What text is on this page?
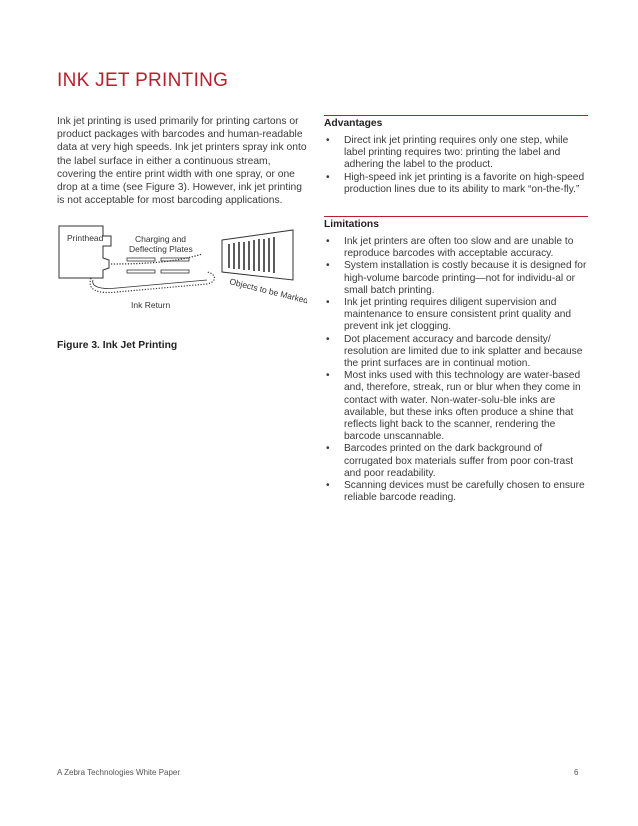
INK JET PRINTING

Ink jet printing is used primarily for printing cartons or product packages with barcodes and human-readable data at very high speeds. Ink jet printers spray ink onto the label surface in either a continuous stream, covering the entire print width with one spray, or one drop at a time (see Figure 3). However, ink jet printing is not acceptable for most barcoding applications.

Printhead	Charging and
Deflecting Plates
Ink Return	Objects to be Marked

Figure 3. Ink Jet Printing

Advantages

• Direct ink jet printing requires only one step, while label printing requires two: printing the label and adhering the label to the product.
• High-speed ink jet printing is a favorite on high-speed production lines due to its ability to mark “on-the-fly.”

Limitations

• Ink jet printers are often too slow and are unable to reproduce barcodes with acceptable accuracy.
• System installation is costly because it is designed for high-volume barcode printing—not for individu-al or small batch printing.
• Ink jet printing requires diligent supervision and maintenance to ensure consistent print quality and prevent ink jet clogging.
• Dot placement accuracy and barcode density/ resolution are limited due to ink splatter and because the print surfaces are in continual motion.
• Most inks used with this technology are water-based and, therefore, streak, run or blur when they come in contact with water. Non-water-solu-ble inks are available, but these inks often produce a shine that reflects light back to the scanner, rendering the barcode unscannable.
• Barcodes printed on the dark background of corrugated box materials suffer from poor con-trast and poor readability.
• Scanning devices must be carefully chosen to ensure reliable barcode reading.
A Zebra Technologies White Paper	6
